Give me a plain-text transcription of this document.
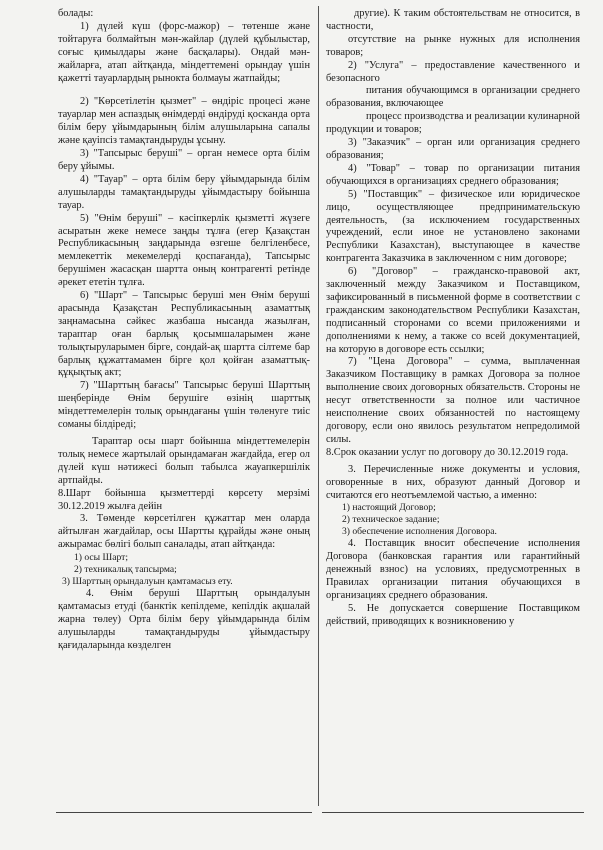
болады:

1) дүлей күш (форс-мажор) – төтенше және тойтаруға болмайтын мән-жайлар (дүлей құбылыстар, соғыс қимылдары және басқалары). Ондай мән-жайларға, атап айтқанда, міндеттемені орындау үшін қажетті тауарлардың рыноктa болмауы жатпайды;

2) "Көрсетілетін қызмет" – өндіріс процесі және тауарлар мен аспаздық өнімдерді өндіруді қосканда орта білім беру ұйымдарының білім алушыларына сапалы және қауіпсіз тамақтандыруды ұсыну.

3) "Тапсырыс беруші" – орган немесе орта білім беру ұйымы.

4) "Тауар" – орта білім беру ұйымдарында білім алушыларды тамақтандыруды ұйымдастыру бойынша тауар.

5) "Өнім беруші" – кәсіпкерлік қызметті жүзеге асыратын жеке немесе заңды тұлға (егер Қазақстан Республикасының заңдарында өзгеше белгіленбесе, мемлекеттік мекемелерді қоспағанда), Тапсырыс берушімен жасасқан шартта оның контрагенті ретінде әрекет ететін тұлға.

6) "Шарт" – Тапсырыс беруші мен Өнім беруші арасында Қазақстан Республикасының азаматтық заңнамасына сәйкес жазбаша нысанда жазылған, тараптар оған барлық қосымшаларымен және толықтыруларымен бірге, сондай-ақ шартта сілтеме бар барлық құжаттамамен бірге қол қойған азаматтық-құқықтық акт;

7) "Шарттың бағасы" Тапсырыс беруші Шарттың шеңберінде Өнім берушіге өзінің шарттық міндеттемелерін толық орындағаны үшін төленуге тиіс соманы білдіреді;

Тараптар осы шарт бойынша міндеттемелерін толық немесе жартылай орындамаған жағдайда, егер ол дүлей күш нәтижесі болып табылса жауапкершілік артпайды.

8.Шарт бойынша қызметтерді көрсету мерзімі 30.12.2019 жылға дейін

3. Төменде көрсетілген құжаттар мен оларда айтылған жағдайлар, осы Шартты құрайды және оның ажырамас бөлігі болып саналады, атап айтқанда:

1) осы Шарт;

2) техникалық тапсырма;

3) Шарттың орындалуын қамтамасыз ету.

4. Өнім беруші Шарттың орындалуын қамтамасыз етуді (банктік кепілдеме, кепілдік ақшалай жарна төлеу) Орта білім беру ұйымдарында білім алушыларды тамақтандыруды ұйымдастыру қағидаларында көзделген

другие). К таким обстоятельствам не относится, в частности,

отсутствие на рынке нужных для исполнения товаров;

2) "Услуга" – предоставление качественного и безопасного

питания обучающимся в организации среднего образования, включающее

процесс производства и реализации кулинарной продукции и товаров;

3) "Заказчик" – орган или организация среднего образования;

4) "Товар" – товар по организации питания обучающихся в организациях среднего образования;

5) "Поставщик" – физическое или юридическое лицо, осуществляющее предпринимательскую деятельность, (за исключением государственных учреждений, если иное не установлено законами Республики Казахстан), выступающее в качестве контрагента Заказчика в заключенном с ним договоре;

6) "Договор" – гражданско-правовой акт, заключенный между Заказчиком и Поставщиком, зафиксированный в письменной форме в соответствии с гражданским законодательством Республики Казахстан, подписанный сторонами со всеми приложениями и дополнениями к нему, а также со всей документацией, на которую в договоре есть ссылки;

7) "Цена Договора" – сумма, выплаченная Заказчиком Поставщику в рамках Договора за полное выполнение своих договорных обязательств. Стороны не несут ответственности за полное или частичное неисполнение своих обязанностей по настоящему договору, если оно явилось результатом непредолимой силы.

8.Срок оказании услуг по договору до 30.12.2019 года.

3. Перечисленные ниже документы и условия, оговоренные в них, образуют данный Договор и считаются его неотъемлемой частью, а именно:

1) настоящий Договор;

2) техническое задание;

3) обеспечение исполнения Договора.

4. Поставщик вносит обеспечение исполнения Договора (банковская гарантия или гарантийный денежный взнос) на условиях, предусмотренных в Правилах организации питания обучающихся в организациях среднего образования.

5. Не допускается совершение Поставщиком действий, приводящих к возникновению у
